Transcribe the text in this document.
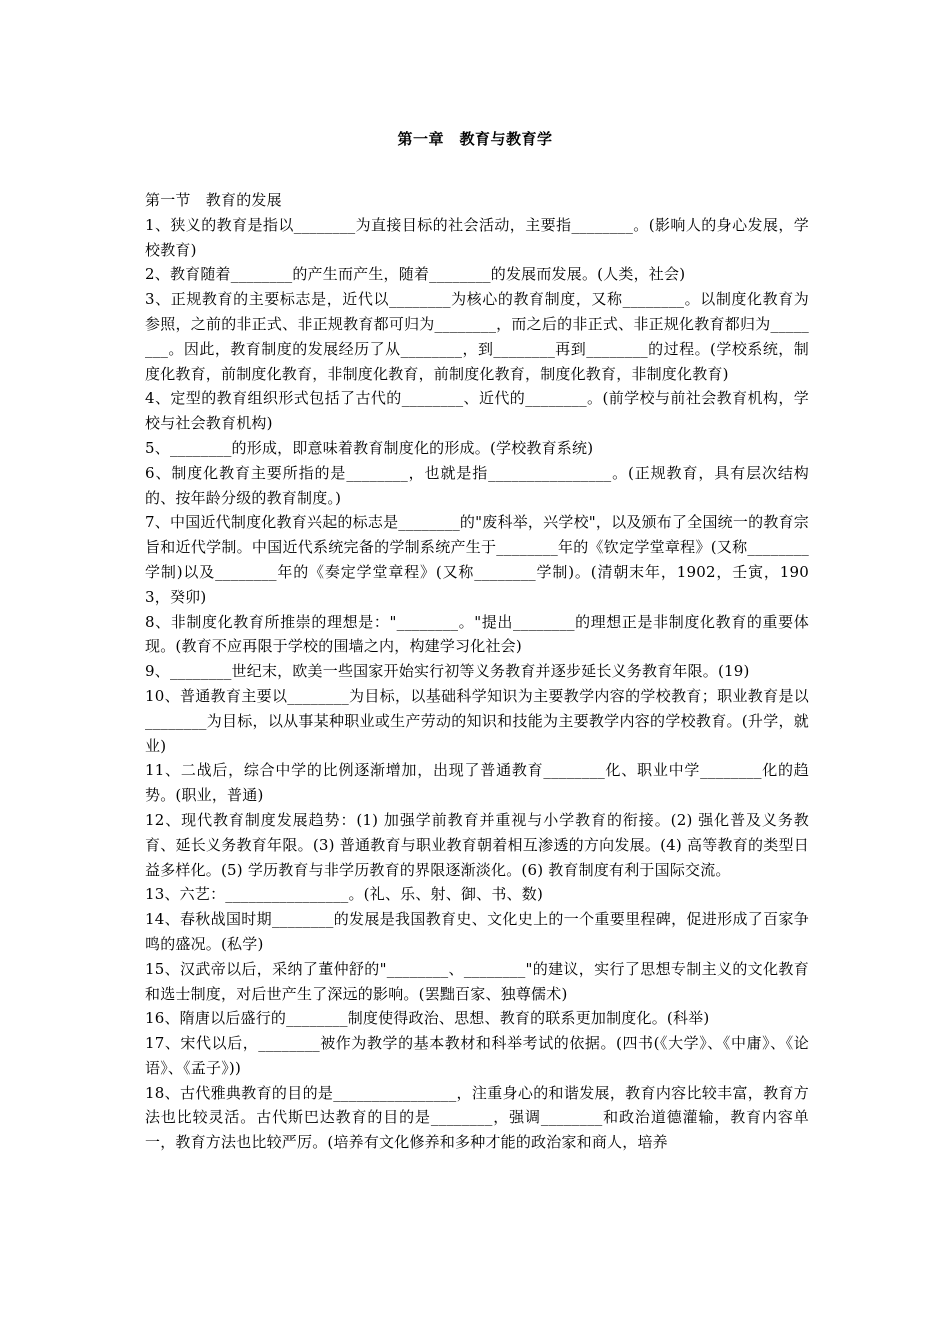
第一章　教育与教育学

第一节　教育的发展

1、狭义的教育是指以________为直接目标的社会活动，主要指________。(影响人的身心发展，学校教育)

2、教育随着________的产生而产生，随着________的发展而发展。(人类，社会)

3、正规教育的主要标志是，近代以________为核心的教育制度，又称________。以制度化教育为参照，之前的非正式、非正规教育都可归为________，而之后的非正式、非正规化教育都归为________。因此，教育制度的发展经历了从________，到________再到________的过程。(学校系统，制度化教育，前制度化教育，非制度化教育，前制度化教育，制度化教育，非制度化教育)

4、定型的教育组织形式包括了古代的________、近代的________。(前学校与前社会教育机构，学校与社会教育机构)

5、________的形成，即意味着教育制度化的形成。(学校教育系统)

6、制度化教育主要所指的是________，也就是指________________。(正规教育，具有层次结构的、按年龄分级的教育制度。)

7、中国近代制度化教育兴起的标志是________的"废科举，兴学校"，以及颁布了全国统一的教育宗旨和近代学制。中国近代系统完备的学制系统产生于________年的《钦定学堂章程》(又称________学制)以及________年的《奏定学堂章程》(又称________学制)。(清朝末年，1902，壬寅，1903，癸卯)

8、非制度化教育所推崇的理想是："________。"提出________的理想正是非制度化教育的重要体现。(教育不应再限于学校的围墙之内，构建学习化社会)

9、________世纪末，欧美一些国家开始实行初等义务教育并逐步延长义务教育年限。(19)

10、普通教育主要以________为目标，以基础科学知识为主要教学内容的学校教育；职业教育是以________为目标，以从事某种职业或生产劳动的知识和技能为主要教学内容的学校教育。(升学，就业)

11、二战后，综合中学的比例逐渐增加，出现了普通教育________化、职业中学________化的趋势。(职业，普通)

12、现代教育制度发展趋势：(1) 加强学前教育并重视与小学教育的衔接。(2) 强化普及义务教育、延长义务教育年限。(3) 普通教育与职业教育朝着相互渗透的方向发展。(4) 高等教育的类型日益多样化。(5) 学历教育与非学历教育的界限逐渐淡化。(6) 教育制度有利于国际交流。

13、六艺：________________。(礼、乐、射、御、书、数)

14、春秋战国时期________的发展是我国教育史、文化史上的一个重要里程碑，促进形成了百家争鸣的盛况。(私学)

15、汉武帝以后，采纳了董仲舒的"________、________"的建议，实行了思想专制主义的文化教育和选士制度，对后世产生了深远的影响。(罢黜百家、独尊儒术)

16、隋唐以后盛行的________制度使得政治、思想、教育的联系更加制度化。(科举)

17、宋代以后，________被作为教学的基本教材和科举考试的依据。(四书(《大学》、《中庸》、《论语》、《孟子》))

18、古代雅典教育的目的是________________，注重身心的和谐发展，教育内容比较丰富，教育方法也比较灵活。古代斯巴达教育的目的是________，强调________和政治道德灌输，教育内容单一，教育方法也比较严厉。(培养有文化修养和多种才能的政治家和商人，培养
